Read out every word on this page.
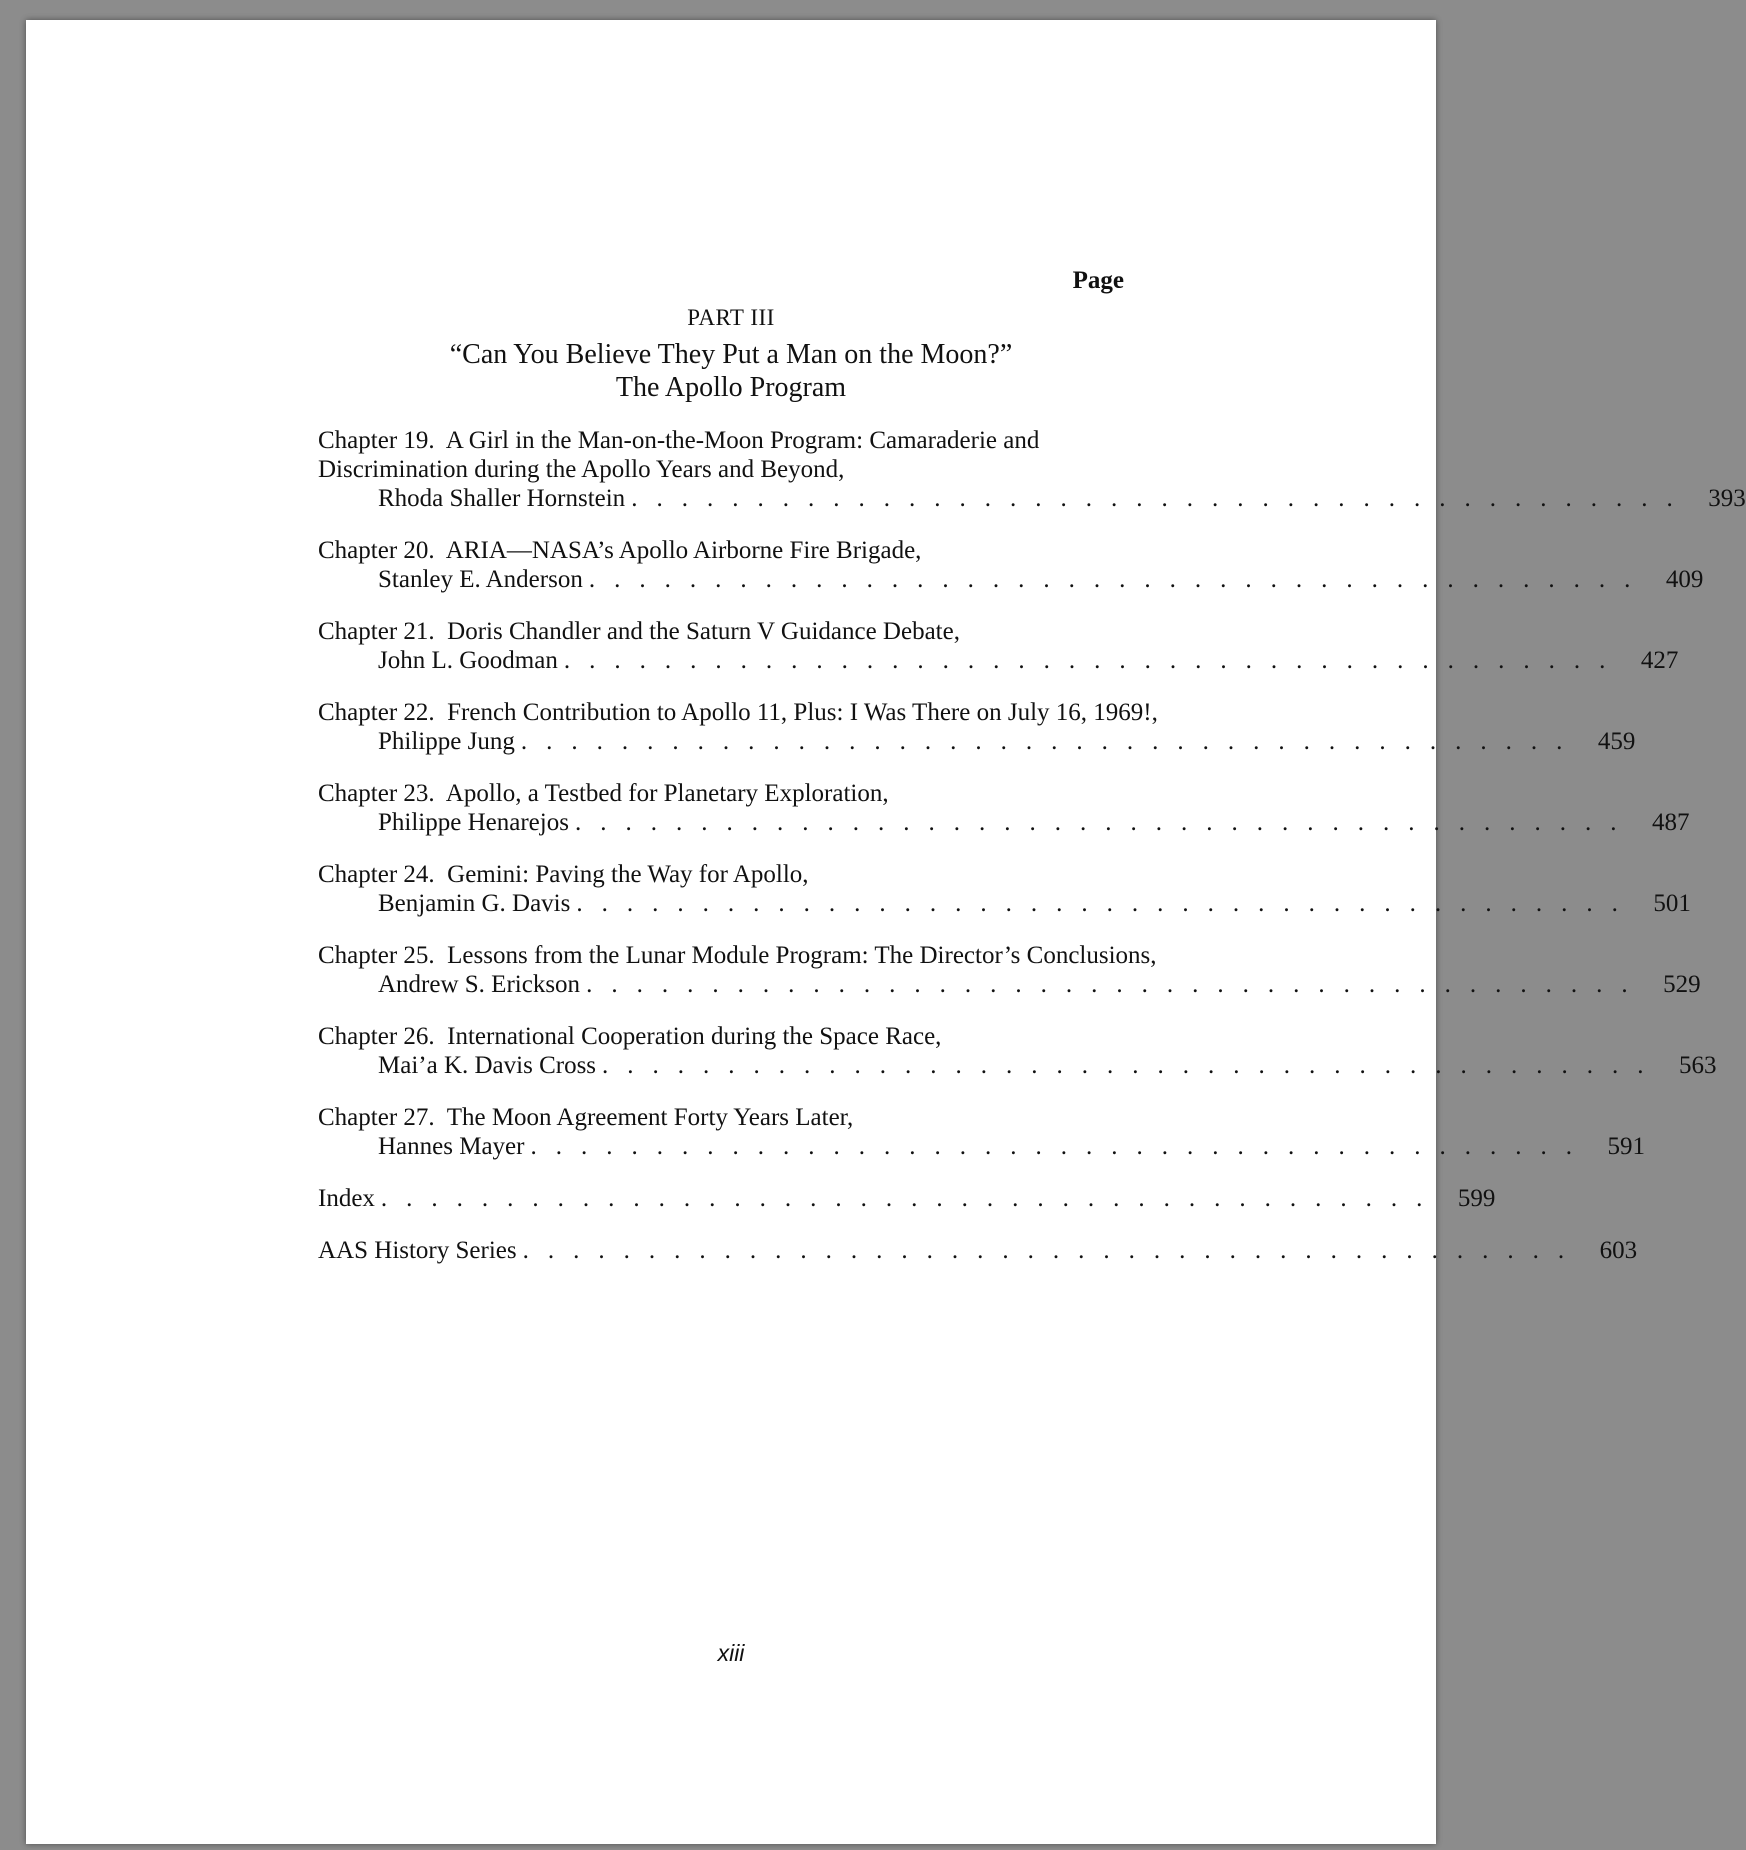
Page
PART III
“Can You Believe They Put a Man on the Moon?”
The Apollo Program
Chapter 19. A Girl in the Man-on-the-Moon Program: Camaraderie and Discrimination during the Apollo Years and Beyond,
Rhoda Shaller Hornstein .......................................... 393
Chapter 20. ARIA—NASA’s Apollo Airborne Fire Brigade,
Stanley E. Anderson .......................................... 409
Chapter 21. Doris Chandler and the Saturn V Guidance Debate,
John L. Goodman .......................................... 427
Chapter 22. French Contribution to Apollo 11, Plus: I Was There on July 16, 1969!,
Philippe Jung .......................................... 459
Chapter 23. Apollo, a Testbed for Planetary Exploration,
Philippe Henarejos .......................................... 487
Chapter 24. Gemini: Paving the Way for Apollo,
Benjamin G. Davis .......................................... 501
Chapter 25. Lessons from the Lunar Module Program: The Director’s Conclusions,
Andrew S. Erickson .......................................... 529
Chapter 26. International Cooperation during the Space Race,
Mai’a K. Davis Cross .......................................... 563
Chapter 27. The Moon Agreement Forty Years Later,
Hannes Mayer .......................................... 591
Index .......................................... 599
AAS History Series .......................................... 603
xiii
